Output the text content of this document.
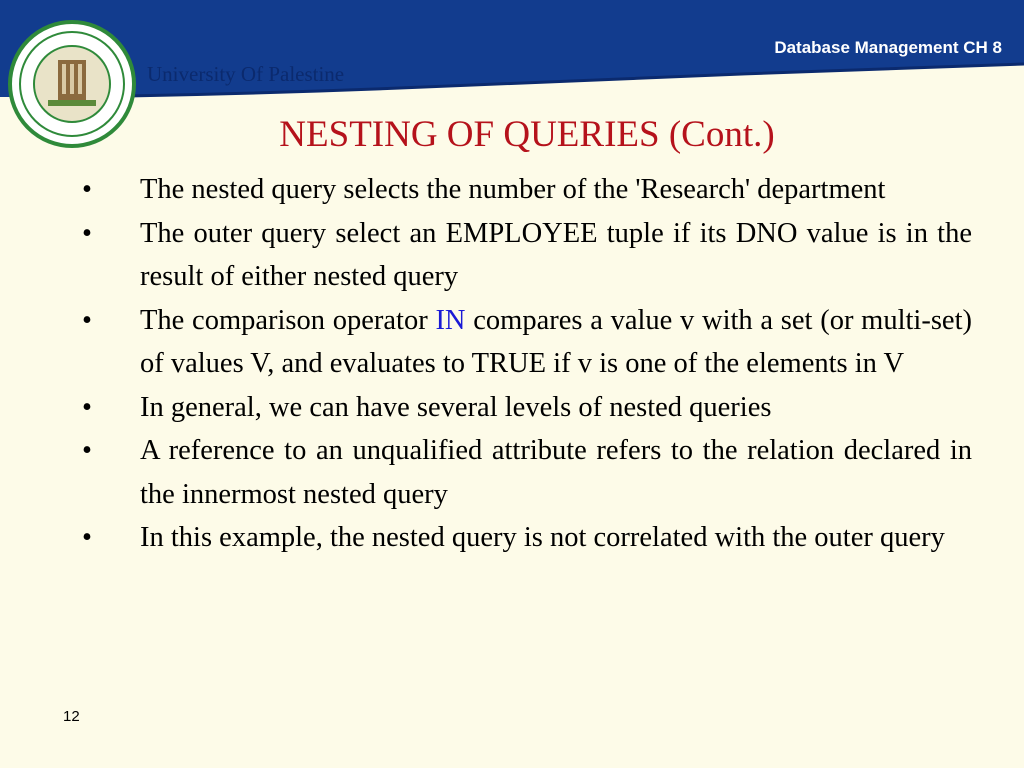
Database Management CH 8
University Of Palestine
NESTING OF QUERIES (Cont.)
• The nested query selects the number of the 'Research' department
• The outer query select an EMPLOYEE tuple if its DNO value is in the result of either nested query
• The comparison operator IN compares a value v with a set (or multi-set) of values V, and evaluates to TRUE if v is one of the elements in V
• In general, we can have several levels of nested queries
• A reference to an unqualified attribute refers to the relation declared in the innermost nested query
• In this example, the nested query is not correlated with the outer query
12
